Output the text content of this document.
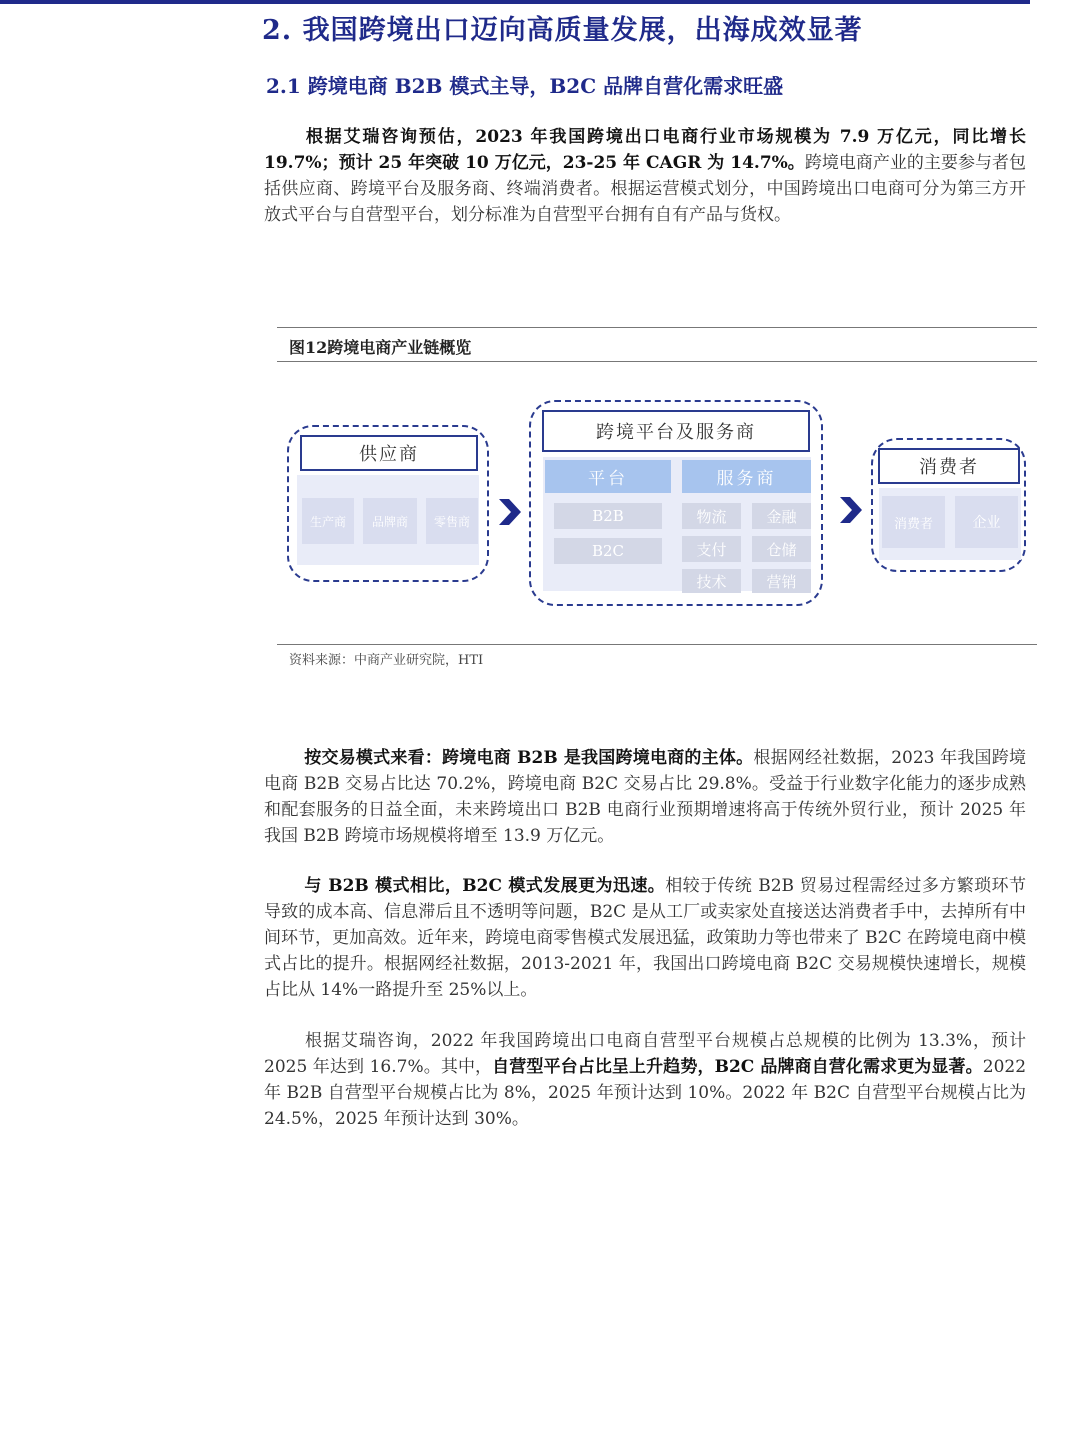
2. 我国跨境出口迈向高质量发展，出海成效显著
2.1 跨境电商 B2B 模式主导，B2C 品牌自营化需求旺盛
根据艾瑞咨询预估，2023 年我国跨境出口电商行业市场规模为 7.9 万亿元，同比增长 19.7%；预计 25 年突破 10 万亿元，23-25 年 CAGR 为 14.7%。跨境电商产业的主要参与者包括供应商、跨境平台及服务商、终端消费者。根据运营模式划分，中国跨境出口电商可分为第三方开放式平台与自营型平台，划分标准为自营型平台拥有自有产品与货权。
图12跨境电商产业链概览
供应商
生产商	品牌商	零售商
跨境平台及服务商
平台	服务商
B2B
B2C
物流	金融
支付	仓储
技术	营销
消费者
消费者	企业
资料来源：中商产业研究院，HTI
按交易模式来看：跨境电商 B2B 是我国跨境电商的主体。根据网经社数据，2023 年我国跨境电商 B2B 交易占比达 70.2%，跨境电商 B2C 交易占比 29.8%。受益于行业数字化能力的逐步成熟和配套服务的日益全面，未来跨境出口 B2B 电商行业预期增速将高于传统外贸行业，预计 2025 年我国 B2B 跨境市场规模将增至 13.9 万亿元。
与 B2B 模式相比，B2C 模式发展更为迅速。相较于传统 B2B 贸易过程需经过多方繁琐环节导致的成本高、信息滞后且不透明等问题，B2C 是从工厂或卖家处直接送达消费者手中，去掉所有中间环节，更加高效。近年来，跨境电商零售模式发展迅猛，政策助力等也带来了 B2C 在跨境电商中模式占比的提升。根据网经社数据，2013-2021 年，我国出口跨境电商 B2C 交易规模快速增长，规模占比从 14%一路提升至 25%以上。
根据艾瑞咨询，2022 年我国跨境出口电商自营型平台规模占总规模的比例为 13.3%，预计 2025 年达到 16.7%。其中，自营型平台占比呈上升趋势，B2C 品牌商自营化需求更为显著。2022 年 B2B 自营型平台规模占比为 8%，2025 年预计达到 10%。2022 年 B2C 自营型平台规模占比为 24.5%，2025 年预计达到 30%。
